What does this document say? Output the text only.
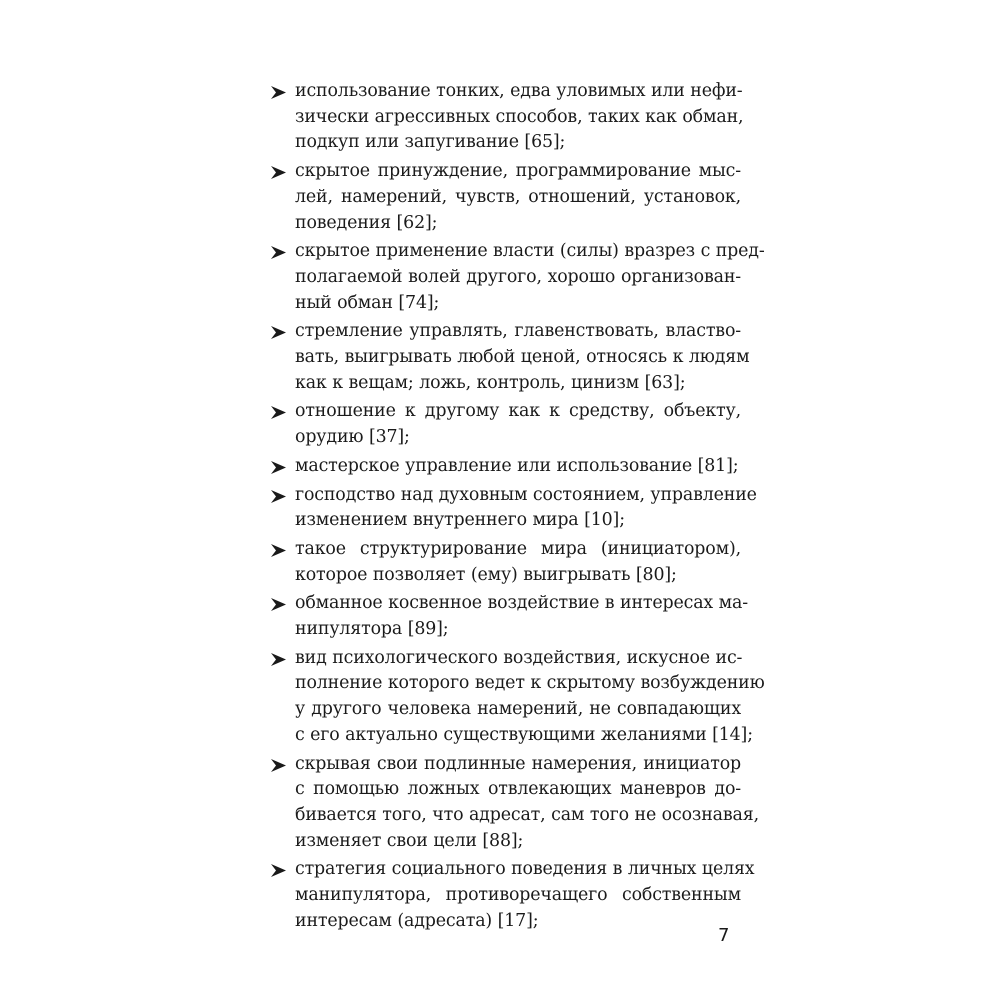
использование тонких, едва уловимых или нефи-
зически агрессивных способов, таких как обман,
подкуп или запугивание [65];
скрытое принуждение, программирование мыс-
лей, намерений, чувств, отношений, установок,
поведения [62];
скрытое применение власти (силы) вразрез с пред-
полагаемой волей другого, хорошо организован-
ный обман [74];
стремление управлять, главенствовать, властво-
вать, выигрывать любой ценой, относясь к людям
как к вещам; ложь, контроль, цинизм [63];
отношение к другому как к средству, объекту,
орудию [37];
мастерское управление или использование [81];
господство над духовным состоянием, управление
изменением внутреннего мира [10];
такое структурирование мира (инициатором),
которое позволяет (ему) выигрывать [80];
обманное косвенное воздействие в интересах ма-
нипулятора [89];
вид психологического воздействия, искусное ис-
полнение которого ведет к скрытому возбуждению
у другого человека намерений, не совпадающих
с его актуально существующими желаниями [14];
скрывая свои подлинные намерения, инициатор
с помощью ложных отвлекающих маневров до-
бивается того, что адресат, сам того не осознавая,
изменяет свои цели [88];
стратегия социального поведения в личных целях
манипулятора, противоречащего собственным
интересам (адресата) [17];
7
